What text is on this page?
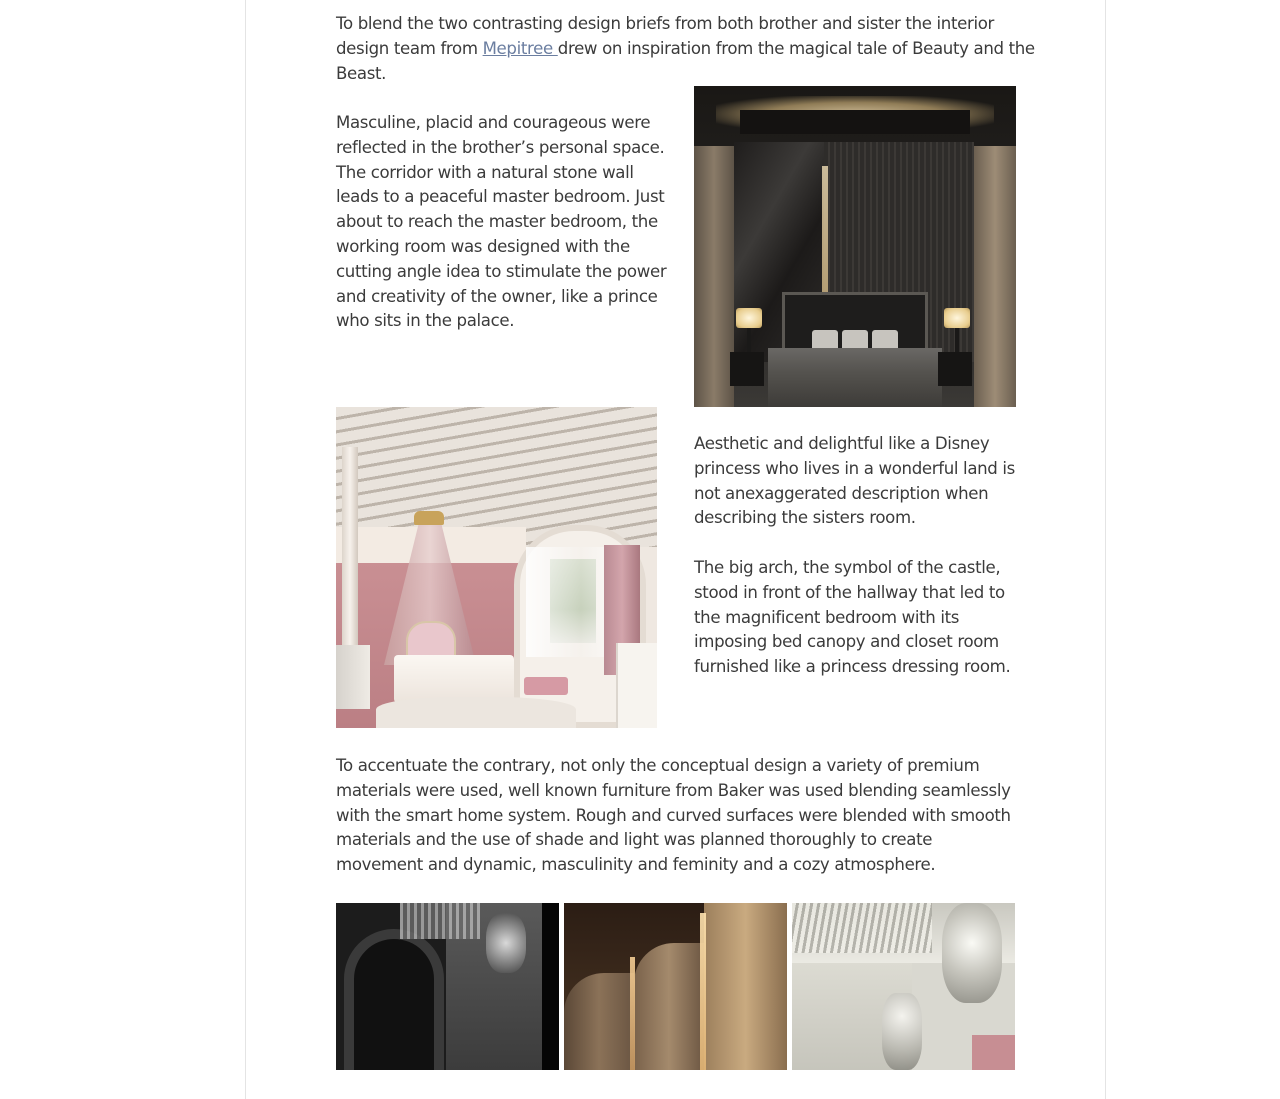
To blend the two contrasting design briefs from both brother and sister the interior
design team from Mepitree drew on inspiration from the magical tale of Beauty and the
Beast.

Masculine, placid and courageous were
reflected in the brother’s personal space.
The corridor with a natural stone wall
leads to a peaceful master bedroom. Just
about to reach the master bedroom, the
working room was designed with the
cutting angle idea to stimulate the power
and creativity of the owner, like a prince
who sits in the palace.

Aesthetic and delightful like a Disney
princess who lives in a wonderful land is
not anexaggerated description when
describing the sisters room.

The big arch, the symbol of the castle,
stood in front of the hallway that led to
the magnificent bedroom with its
imposing bed canopy and closet room
furnished like a princess dressing room.

To accentuate the contrary, not only the conceptual design a variety of premium
materials were used, well known furniture from Baker was used blending seamlessly
with the smart home system. Rough and curved surfaces were blended with smooth
materials and the use of shade and light was planned thoroughly to create
movement and dynamic, masculinity and feminity and a cozy atmosphere.
